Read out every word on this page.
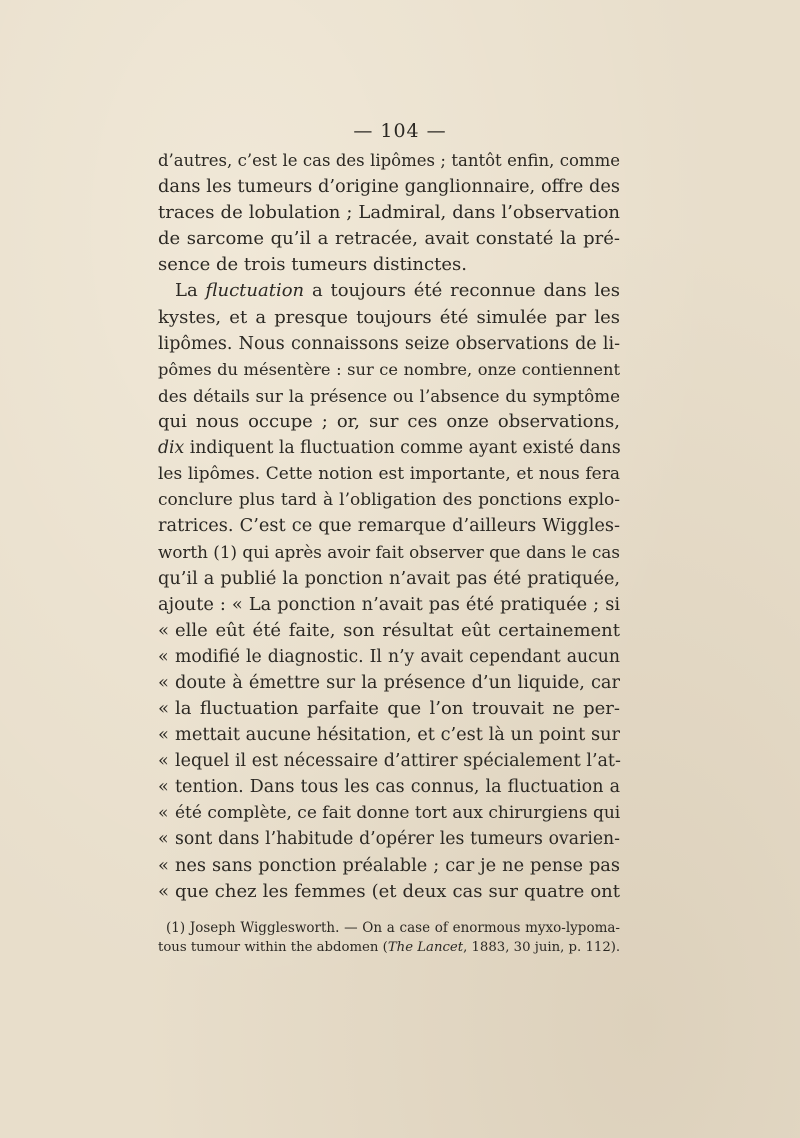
— 104 —
d’autres, c’est le cas des lipômes ; tantôt enfin, comme
dans les tumeurs d’origine ganglionnaire, offre des
traces de lobulation ; Ladmiral, dans l’observation
de sarcome qu’il a retracée, avait constaté la pré-
sence de trois tumeurs distinctes.
La fluctuation a toujours été reconnue dans les
kystes, et a presque toujours été simulée par les
lipômes. Nous connaissons seize observations de li-
pômes du mésentère : sur ce nombre, onze contiennent
des détails sur la présence ou l’absence du symptôme
qui nous occupe ; or, sur ces onze observations,
dix indiquent la fluctuation comme ayant existé dans
les lipômes. Cette notion est importante, et nous fera
conclure plus tard à l’obligation des ponctions explo-
ratrices. C’est ce que remarque d’ailleurs Wiggles-
worth (1) qui après avoir fait observer que dans le cas
qu’il a publié la ponction n’avait pas été pratiquée,
ajoute : « La ponction n’avait pas été pratiquée ; si
« elle eût été faite, son résultat eût certainement
« modifié le diagnostic. Il n’y avait cependant aucun
« doute à émettre sur la présence d’un liquide, car
« la fluctuation parfaite que l’on trouvait ne per-
« mettait aucune hésitation, et c’est là un point sur
« lequel il est nécessaire d’attirer spécialement l’at-
« tention. Dans tous les cas connus, la fluctuation a
« été complète, ce fait donne tort aux chirurgiens qui
« sont dans l’habitude d’opérer les tumeurs ovarien-
« nes sans ponction préalable ; car je ne pense pas
« que chez les femmes (et deux cas sur quatre ont
(1) Joseph Wigglesworth. — On a case of enormous myxo-lypoma-
tous tumour within the abdomen (The Lancet, 1883, 30 juin, p. 112).
